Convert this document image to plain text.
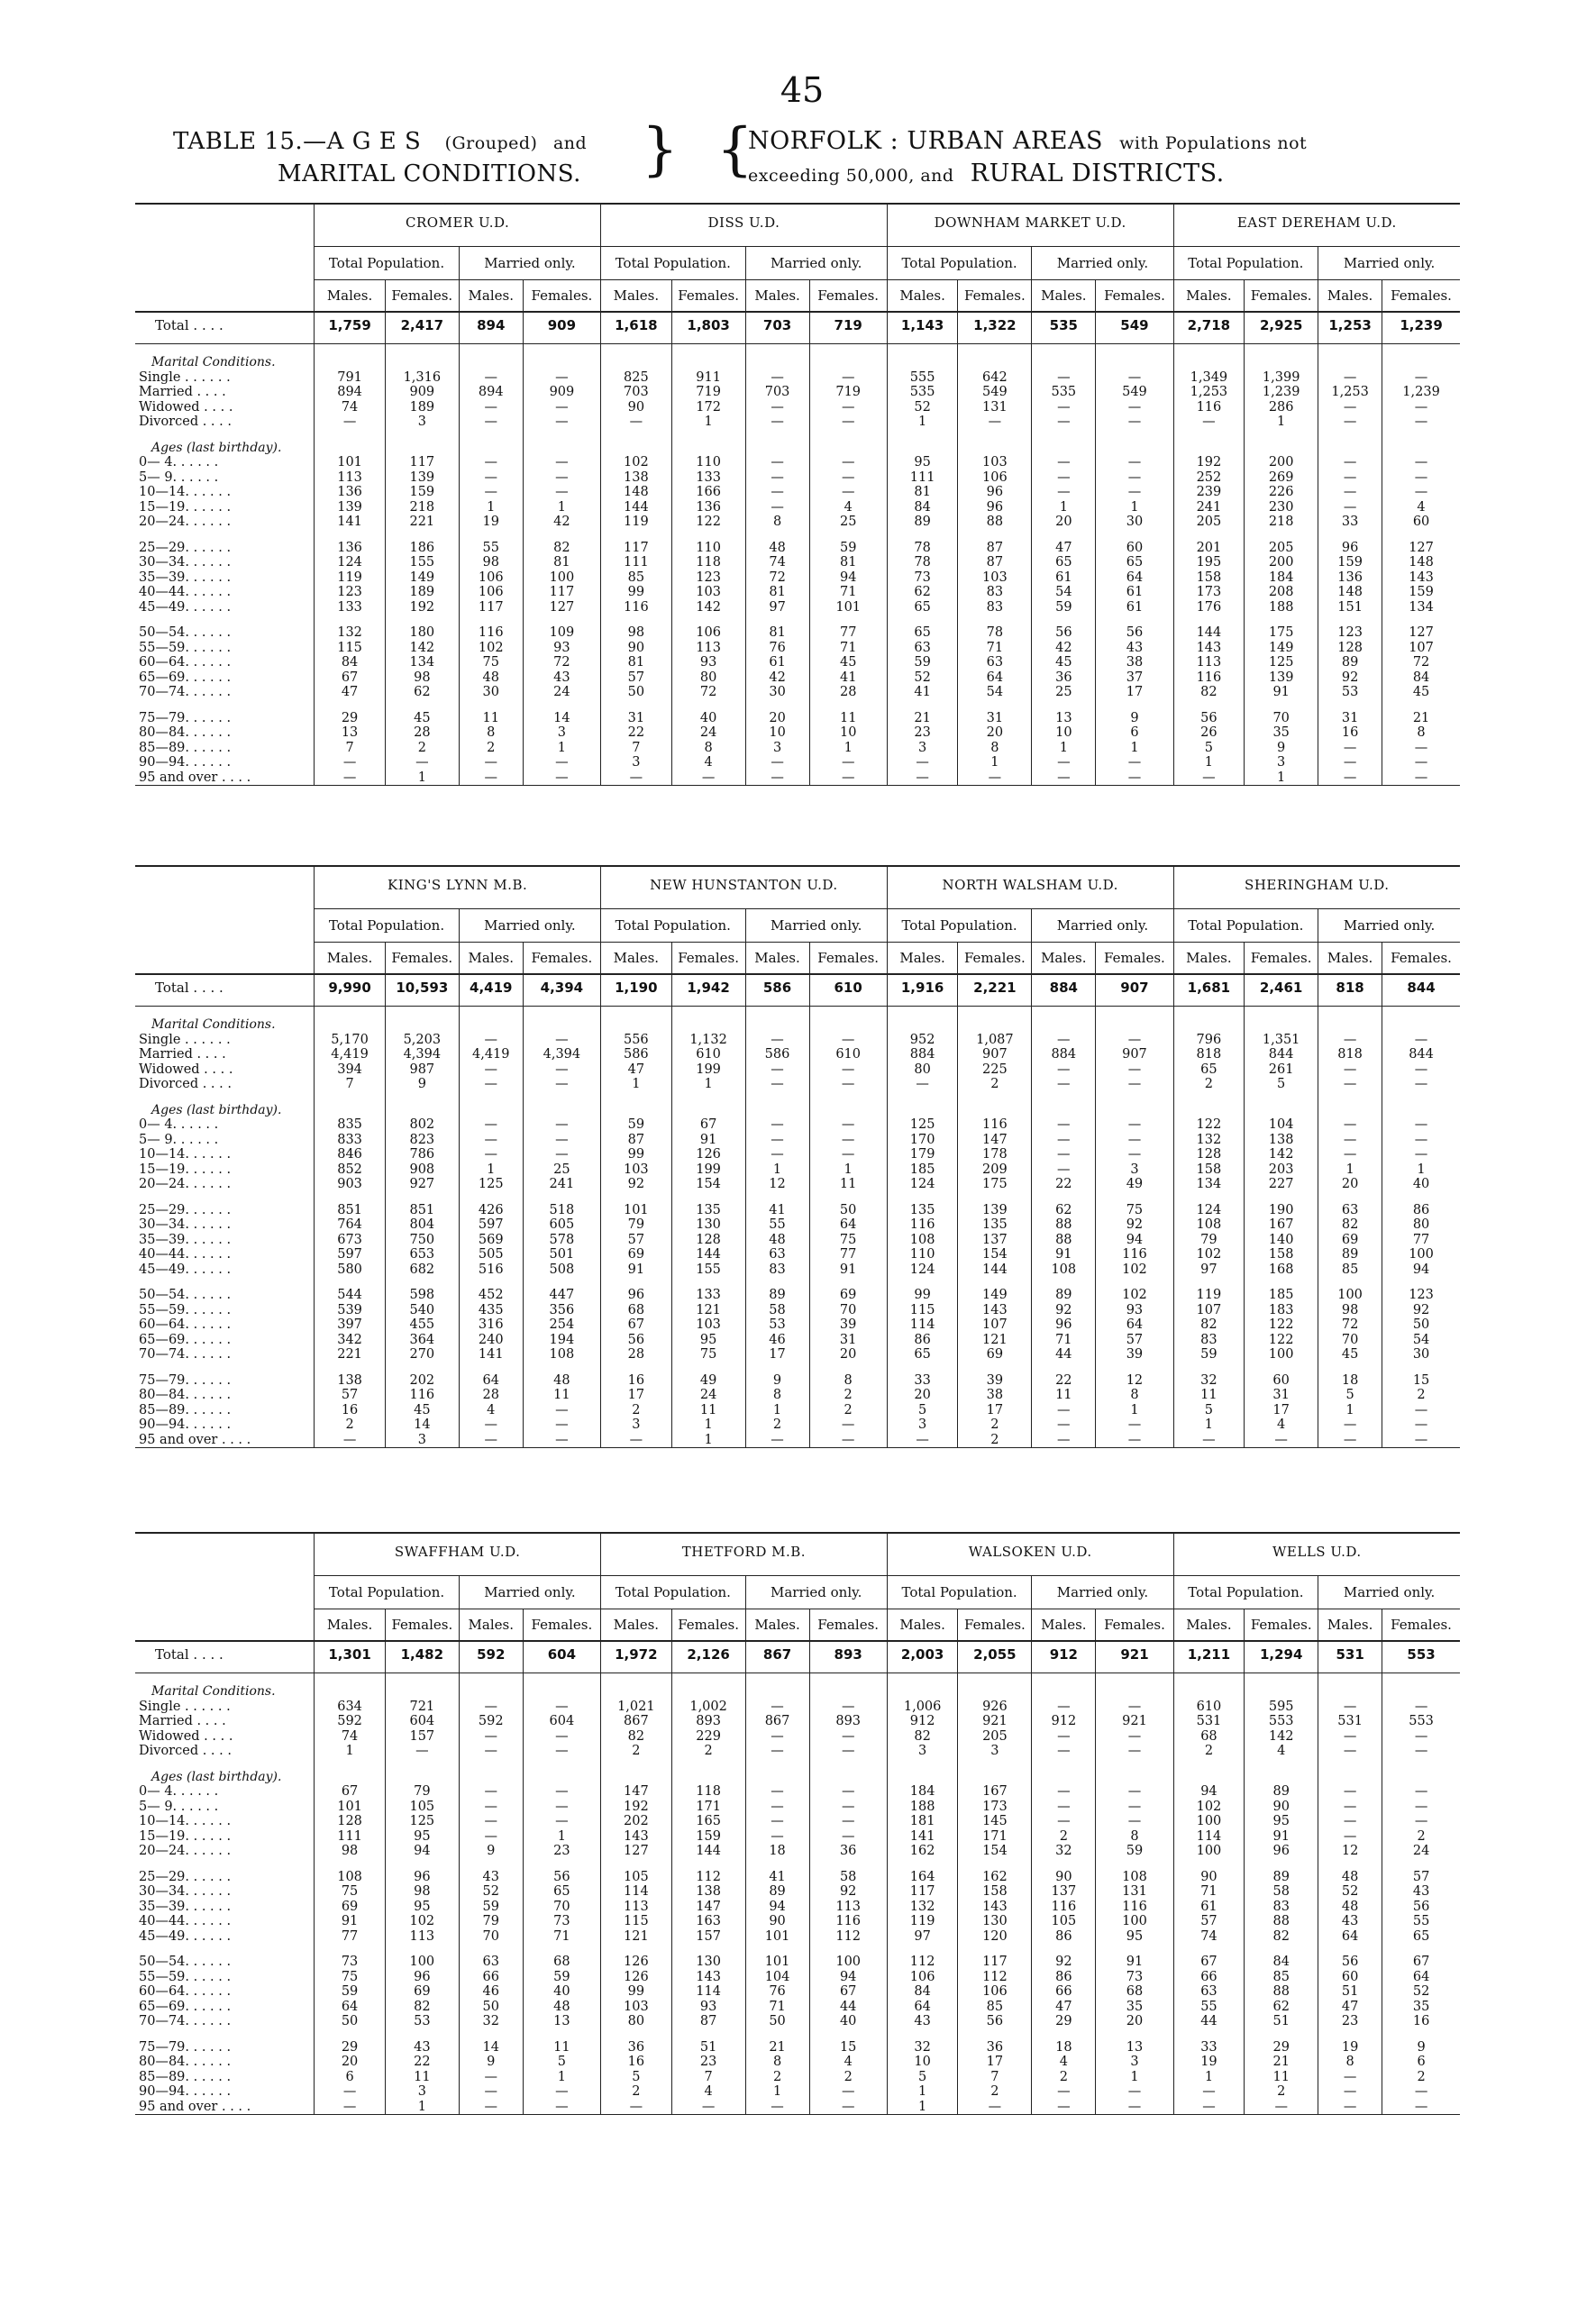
45
TABLE 15.—A G E S (Grouped) and
MARITAL CONDITIONS. } {
NORFOLK : URBAN AREAS with Populations not
exceeding 50,000, and RURAL DISTRICTS.
	CROMER U.D.				DISS U.D.				DOWNHAM MARKET U.D.				EAST DEREHAM U.D.			
	Total Population.		Married only.		Total Population.		Married only.		Total Population.		Married only.		Total Population.		Married only.	
	Males.	Females.	Males.	Females.	Males.	Females.	Males.	Females.	Males.	Females.	Males.	Females.	Males.	Females.	Males.	Females.
Total . . . .	1,759	2,417	894	909	1,618	1,803	703	719	1,143	1,322	535	549	2,718	2,925	1,253	1,239

Marital Conditions.																
Single . . . . . .	791	1,316	—	—	825	911	—	—	555	642	—	—	1,349	1,399	—	—
Married . . . .	894	909	894	909	703	719	703	719	535	549	535	549	1,253	1,239	1,253	1,239
Widowed . . . .	74	189	—	—	90	172	—	—	52	131	—	—	116	286	—	—
Divorced . . . .	—	3	—	—	—	1	—	—	1	—	—	—	—	1	—	—

Ages (last birthday).																
0— 4. . . . . .	101	117	—	—	102	110	—	—	95	103	—	—	192	200	—	—
5— 9. . . . . .	113	139	—	—	138	133	—	—	111	106	—	—	252	269	—	—
10—14. . . . . .	136	159	—	—	148	166	—	—	81	96	—	—	239	226	—	—
15—19. . . . . .	139	218	1	1	144	136	—	4	84	96	1	1	241	230	—	4
20—24. . . . . .	141	221	19	42	119	122	8	25	89	88	20	30	205	218	33	60

25—29. . . . . .	136	186	55	82	117	110	48	59	78	87	47	60	201	205	96	127
30—34. . . . . .	124	155	98	81	111	118	74	81	78	87	65	65	195	200	159	148
35—39. . . . . .	119	149	106	100	85	123	72	94	73	103	61	64	158	184	136	143
40—44. . . . . .	123	189	106	117	99	103	81	71	62	83	54	61	173	208	148	159
45—49. . . . . .	133	192	117	127	116	142	97	101	65	83	59	61	176	188	151	134

50—54. . . . . .	132	180	116	109	98	106	81	77	65	78	56	56	144	175	123	127
55—59. . . . . .	115	142	102	93	90	113	76	71	63	71	42	43	143	149	128	107
60—64. . . . . .	84	134	75	72	81	93	61	45	59	63	45	38	113	125	89	72
65—69. . . . . .	67	98	48	43	57	80	42	41	52	64	36	37	116	139	92	84
70—74. . . . . .	47	62	30	24	50	72	30	28	41	54	25	17	82	91	53	45

75—79. . . . . .	29	45	11	14	31	40	20	11	21	31	13	9	56	70	31	21
80—84. . . . . .	13	28	8	3	22	24	10	10	23	20	10	6	26	35	16	8
85—89. . . . . .	7	2	2	1	7	8	3	1	3	8	1	1	5	9	—	—
90—94. . . . . .	—	—	—	—	3	4	—	—	—	1	—	—	1	3	—	—
95 and over . . . .	—	1	—	—	—	—	—	—	—	—	—	—	—	1	—	—
	KING'S LYNN M.B.				NEW HUNSTANTON U.D.				NORTH WALSHAM U.D.				SHERINGHAM U.D.			
	Total Population.		Married only.		Total Population.		Married only.		Total Population.		Married only.		Total Population.		Married only.	
	Males.	Females.	Males.	Females.	Males.	Females.	Males.	Females.	Males.	Females.	Males.	Females.	Males.	Females.	Males.	Females.
Total . . . .	9,990	10,593	4,419	4,394	1,190	1,942	586	610	1,916	2,221	884	907	1,681	2,461	818	844

Marital Conditions.																
Single . . . . . .	5,170	5,203	—	—	556	1,132	—	—	952	1,087	—	—	796	1,351	—	—
Married . . . .	4,419	4,394	4,419	4,394	586	610	586	610	884	907	884	907	818	844	818	844
Widowed . . . .	394	987	—	—	47	199	—	—	80	225	—	—	65	261	—	—
Divorced . . . .	7	9	—	—	1	1	—	—	—	2	—	—	2	5	—	—

Ages (last birthday).																
0— 4. . . . . .	835	802	—	—	59	67	—	—	125	116	—	—	122	104	—	—
5— 9. . . . . .	833	823	—	—	87	91	—	—	170	147	—	—	132	138	—	—
10—14. . . . . .	846	786	—	—	99	126	—	—	179	178	—	—	128	142	—	—
15—19. . . . . .	852	908	1	25	103	199	1	1	185	209	—	3	158	203	1	1
20—24. . . . . .	903	927	125	241	92	154	12	11	124	175	22	49	134	227	20	40

25—29. . . . . .	851	851	426	518	101	135	41	50	135	139	62	75	124	190	63	86
30—34. . . . . .	764	804	597	605	79	130	55	64	116	135	88	92	108	167	82	80
35—39. . . . . .	673	750	569	578	57	128	48	75	108	137	88	94	79	140	69	77
40—44. . . . . .	597	653	505	501	69	144	63	77	110	154	91	116	102	158	89	100
45—49. . . . . .	580	682	516	508	91	155	83	91	124	144	108	102	97	168	85	94

50—54. . . . . .	544	598	452	447	96	133	89	69	99	149	89	102	119	185	100	123
55—59. . . . . .	539	540	435	356	68	121	58	70	115	143	92	93	107	183	98	92
60—64. . . . . .	397	455	316	254	67	103	53	39	114	107	96	64	82	122	72	50
65—69. . . . . .	342	364	240	194	56	95	46	31	86	121	71	57	83	122	70	54
70—74. . . . . .	221	270	141	108	28	75	17	20	65	69	44	39	59	100	45	30

75—79. . . . . .	138	202	64	48	16	49	9	8	33	39	22	12	32	60	18	15
80—84. . . . . .	57	116	28	11	17	24	8	2	20	38	11	8	11	31	5	2
85—89. . . . . .	16	45	4	—	2	11	1	2	5	17	—	1	5	17	1	—
90—94. . . . . .	2	14	—	—	3	1	2	—	3	2	—	—	1	4	—	—
95 and over . . . .	—	3	—	—	—	1	—	—	—	2	—	—	—	—	—	—
	SWAFFHAM U.D.				THETFORD M.B.				WALSOKEN U.D.				WELLS U.D.			
	Total Population.		Married only.		Total Population.		Married only.		Total Population.		Married only.		Total Population.		Married only.	
	Males.	Females.	Males.	Females.	Males.	Females.	Males.	Females.	Males.	Females.	Males.	Females.	Males.	Females.	Males.	Females.
Total . . . .	1,301	1,482	592	604	1,972	2,126	867	893	2,003	2,055	912	921	1,211	1,294	531	553

Marital Conditions.																
Single . . . . . .	634	721	—	—	1,021	1,002	—	—	1,006	926	—	—	610	595	—	—
Married . . . .	592	604	592	604	867	893	867	893	912	921	912	921	531	553	531	553
Widowed . . . .	74	157	—	—	82	229	—	—	82	205	—	—	68	142	—	—
Divorced . . . .	1	—	—	—	2	2	—	—	3	3	—	—	2	4	—	—

Ages (last birthday).																
0— 4. . . . . .	67	79	—	—	147	118	—	—	184	167	—	—	94	89	—	—
5— 9. . . . . .	101	105	—	—	192	171	—	—	188	173	—	—	102	90	—	—
10—14. . . . . .	128	125	—	—	202	165	—	—	181	145	—	—	100	95	—	—
15—19. . . . . .	111	95	—	1	143	159	—	—	141	171	2	8	114	91	—	2
20—24. . . . . .	98	94	9	23	127	144	18	36	162	154	32	59	100	96	12	24

25—29. . . . . .	108	96	43	56	105	112	41	58	164	162	90	108	90	89	48	57
30—34. . . . . .	75	98	52	65	114	138	89	92	117	158	137	131	71	58	52	43
35—39. . . . . .	69	95	59	70	113	147	94	113	132	143	116	116	61	83	48	56
40—44. . . . . .	91	102	79	73	115	163	90	116	119	130	105	100	57	88	43	55
45—49. . . . . .	77	113	70	71	121	157	101	112	97	120	86	95	74	82	64	65

50—54. . . . . .	73	100	63	68	126	130	101	100	112	117	92	91	67	84	56	67
55—59. . . . . .	75	96	66	59	126	143	104	94	106	112	86	73	66	85	60	64
60—64. . . . . .	59	69	46	40	99	114	76	67	84	106	66	68	63	88	51	52
65—69. . . . . .	64	82	50	48	103	93	71	44	64	85	47	35	55	62	47	35
70—74. . . . . .	50	53	32	13	80	87	50	40	43	56	29	20	44	51	23	16

75—79. . . . . .	29	43	14	11	36	51	21	15	32	36	18	13	33	29	19	9
80—84. . . . . .	20	22	9	5	16	23	8	4	10	17	4	3	19	21	8	6
85—89. . . . . .	6	11	—	1	5	7	2	2	5	7	2	1	1	11	—	2
90—94. . . . . .	—	3	—	—	2	4	1	—	1	2	—	—	—	2	—	—
95 and over . . . .	—	1	—	—	—	—	—	—	1	—	—	—	—	—	—	—
